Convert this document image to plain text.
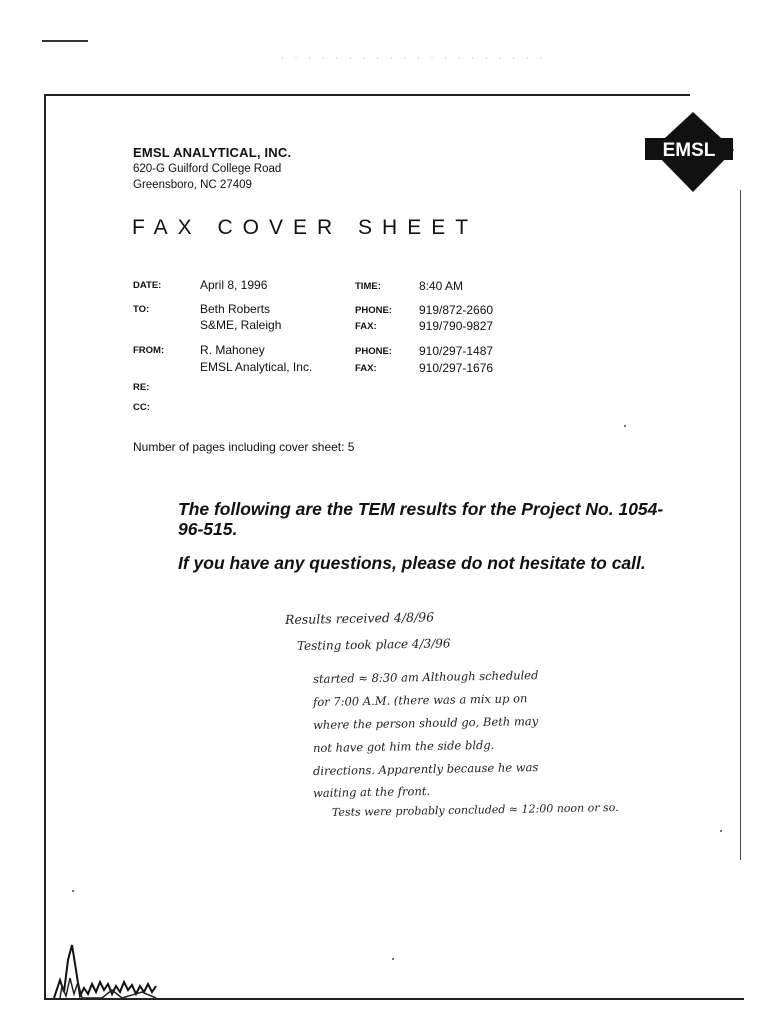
· · · · · · · · · · · · · · · · · · · ·
EMSL
EMSL ANALYTICAL, INC.
620-G Guilford College Road
Greensboro, NC 27409
FAX COVER SHEET
DATE:	April 8, 1996	TIME:	8:40 AM
TO:	Beth Roberts
S&ME, Raleigh
PHONE: 919/872-2660
FAX:	919/790-9827
FROM:	R. Mahoney
EMSL Analytical, Inc.
PHONE: 910/297-1487
FAX:	910/297-1676
RE:
CC:
Number of pages including cover sheet: 5
The following are the TEM results for the Project No. 1054-96-515.
If you have any questions, please do not hesitate to call.
Results received 4/8/96
Testing took place 4/3/96
started ≈ 8:30 am Although scheduled
for 7:00 A.M. (there was a mix up on
where the person should go, Beth may
not have got him the side bldg.
directions. Apparently because he was
waiting at the front.
Tests were probably concluded ≈ 12:00 noon or so.
